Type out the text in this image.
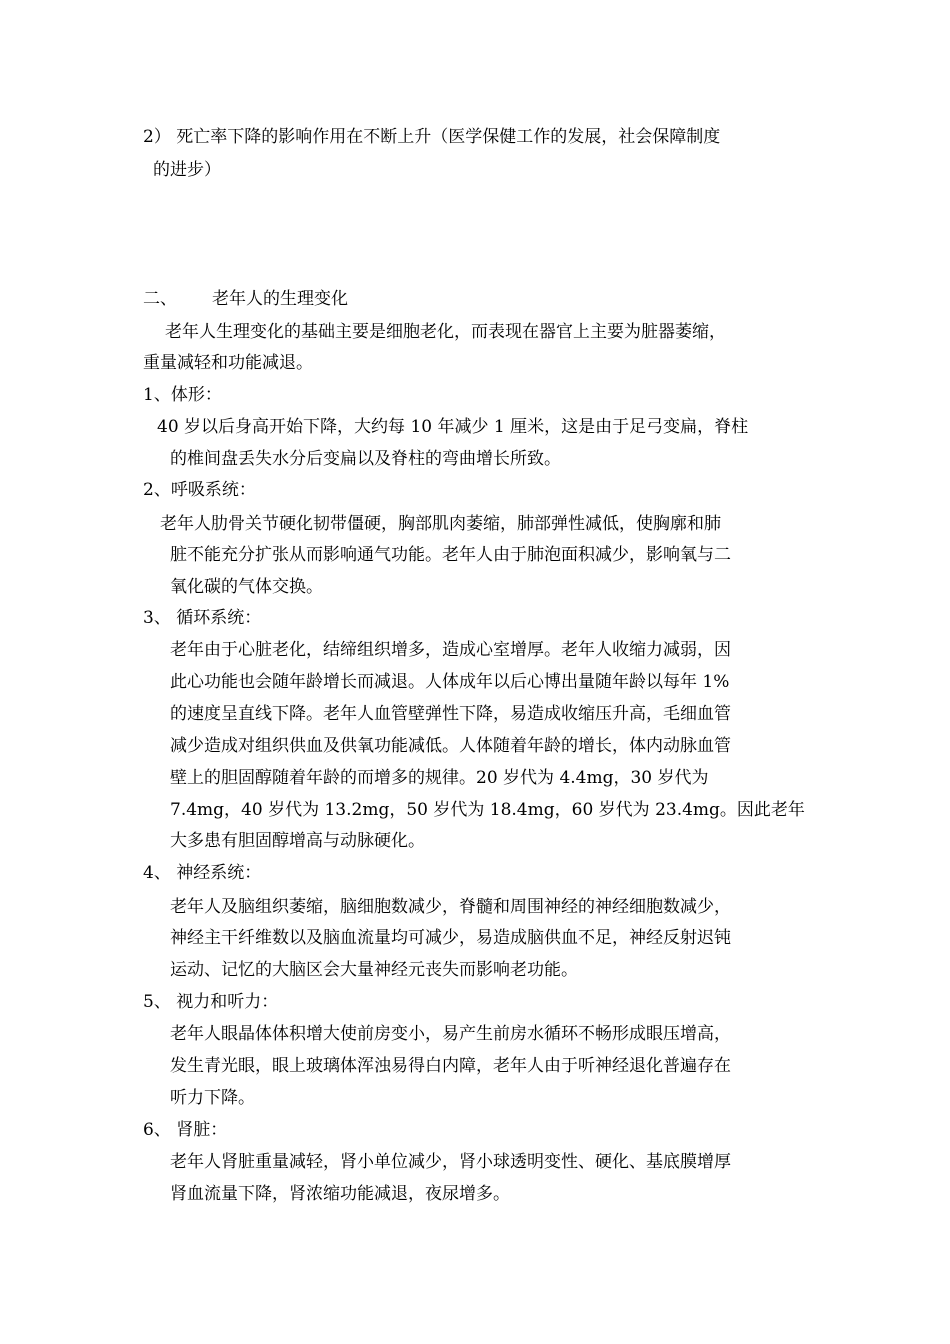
2） 死亡率下降的影响作用在不断上升（医学保健工作的发展，社会保障制度
的进步）
二、 老年人的生理变化
老年人生理变化的基础主要是细胞老化，而表现在器官上主要为脏器萎缩，
重量减轻和功能减退。
1、体形：
40 岁以后身高开始下降，大约每 10 年减少 1 厘米，这是由于足弓变扁，脊柱
的椎间盘丢失水分后变扁以及脊柱的弯曲增长所致。
2、呼吸系统：
老年人肋骨关节硬化韧带僵硬，胸部肌肉萎缩，肺部弹性减低，使胸廓和肺
脏不能充分扩张从而影响通气功能。老年人由于肺泡面积减少，影响氧与二
氧化碳的气体交换。
3、 循环系统：
老年由于心脏老化，结缔组织增多，造成心室增厚。老年人收缩力减弱，因
此心功能也会随年龄增长而减退。人体成年以后心博出量随年龄以每年 1%
的速度呈直线下降。老年人血管壁弹性下降，易造成收缩压升高，毛细血管
减少造成对组织供血及供氧功能减低。人体随着年龄的增长，体内动脉血管
壁上的胆固醇随着年龄的而增多的规律。20 岁代为 4.4mg，30 岁代为
7.4mg，40 岁代为 13.2mg，50 岁代为 18.4mg，60 岁代为 23.4mg。因此老年
大多患有胆固醇增高与动脉硬化。
4、 神经系统：
老年人及脑组织萎缩，脑细胞数减少，脊髓和周围神经的神经细胞数减少，
神经主干纤维数以及脑血流量均可减少，易造成脑供血不足，神经反射迟钝
运动、记忆的大脑区会大量神经元丧失而影响老功能。
5、 视力和听力：
老年人眼晶体体积增大使前房变小，易产生前房水循环不畅形成眼压增高，
发生青光眼，眼上玻璃体浑浊易得白内障，老年人由于听神经退化普遍存在
听力下降。
6、 肾脏：
老年人肾脏重量减轻，肾小单位减少，肾小球透明变性、硬化、基底膜增厚
肾血流量下降，肾浓缩功能减退，夜尿增多。
